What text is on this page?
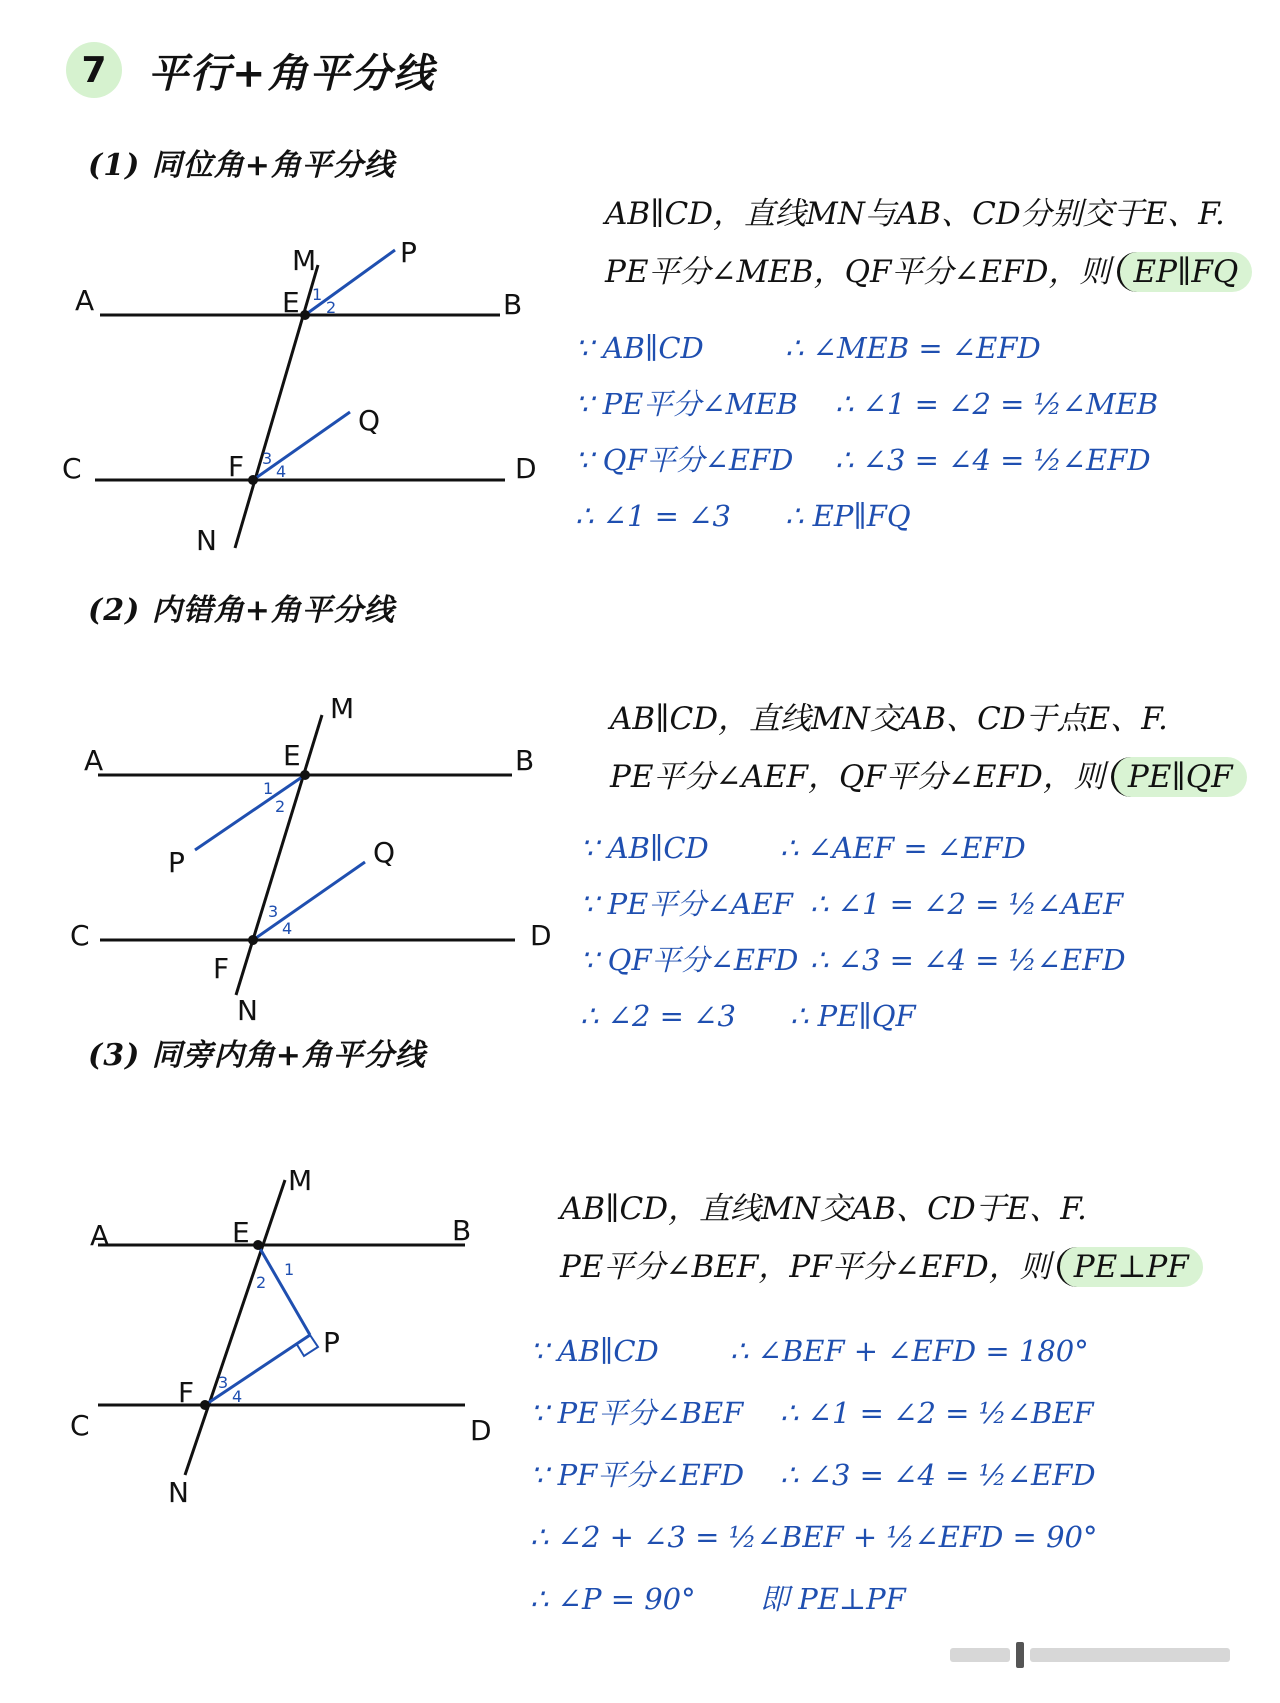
7	平行+角平分线
(1) 同位角+角平分线
(2) 内错角+角平分线
(3) 同旁内角+角平分线
A	B
C	D
E
F
M
N
P
Q
1
2
3
4
A	B
C	D
E
F
M
N
P	Q
1
2
3
4
A	B
C	D
E
F
M
N
P
1
2
3
4
AB∥CD，直线MN与AB、CD分别交于E、F.
PE平分∠MEB，QF平分∠EFD，则 EP∥FQ
∵ AB∥CD	∴ ∠MEB = ∠EFD
∵ PE平分∠MEB	∴ ∠1 = ∠2 = ½∠MEB
∵ QF平分∠EFD	∴ ∠3 = ∠4 = ½∠EFD
∴ ∠1 = ∠3	∴ EP∥FQ
AB∥CD，直线MN交AB、CD于点E、F.
PE平分∠AEF，QF平分∠EFD，则 PE∥QF
∵ AB∥CD	∴ ∠AEF = ∠EFD
∵ PE平分∠AEF ∴ ∠1 = ∠2 = ½∠AEF
∵ QF平分∠EFD ∴ ∠3 = ∠4 = ½∠EFD
∴ ∠2 = ∠3	∴ PE∥QF
AB∥CD，直线MN交AB、CD于E、F.
PE平分∠BEF，PF平分∠EFD，则 PE⊥PF
∵ AB∥CD	∴ ∠BEF + ∠EFD = 180°
∵ PE平分∠BEF	∴ ∠1 = ∠2 = ½∠BEF
∵ PF平分∠EFD	∴ ∠3 = ∠4 = ½∠EFD
∴ ∠2 + ∠3 = ½∠BEF + ½∠EFD = 90°
∴ ∠P = 90°	即 PE⊥PF
